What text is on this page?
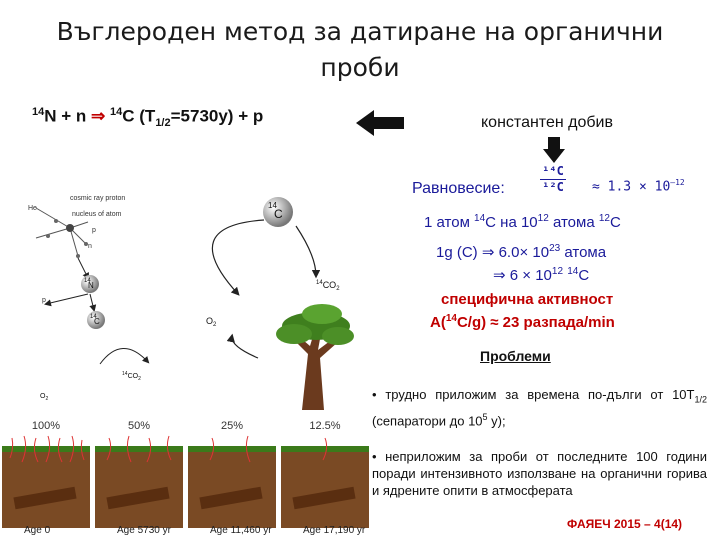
Въглероден метод за датиране на органични
проби
$^{14}$N + n ⇒ $^{14}$C $(T_{1/2}=5730y) + p$	константен добив
Равновесие:	$\frac{\text{¹⁴C}}{\text{¹²C}} \approx 1.3 \times 10^{-12}$
1 атом $^{14}$C на $10^{12}$ атома $^{12}$C
1g (C) ⇒ $6.0\times 10^{23}$ атома
⇒ $6 \times 10^{12}$ $^{14}$C
специфична активност
A($^{14}$C/g) ≈ 23 разпада/min
Проблеми
• трудно приложим за времена по-дълги от $10T_{1/2}$ (сепаратори до $10^5$ y);
• неприложим за проби от последните 100 години поради интензивното използване на органични горива и ядрените опити в атмосферата
ФАЯЕЧ 2015 – 4(14)
cosmic ray proton
nucleus of atom
He
n
p
14
N
p
14
C
$^{14}CO_2$
$O_2$
14
C
$^{14}CO_2$
$O_2$
100%
Age 0
50%
Age 5730 yr
25%
Age 11,460 yr
12.5%
Age 17,190 yr
